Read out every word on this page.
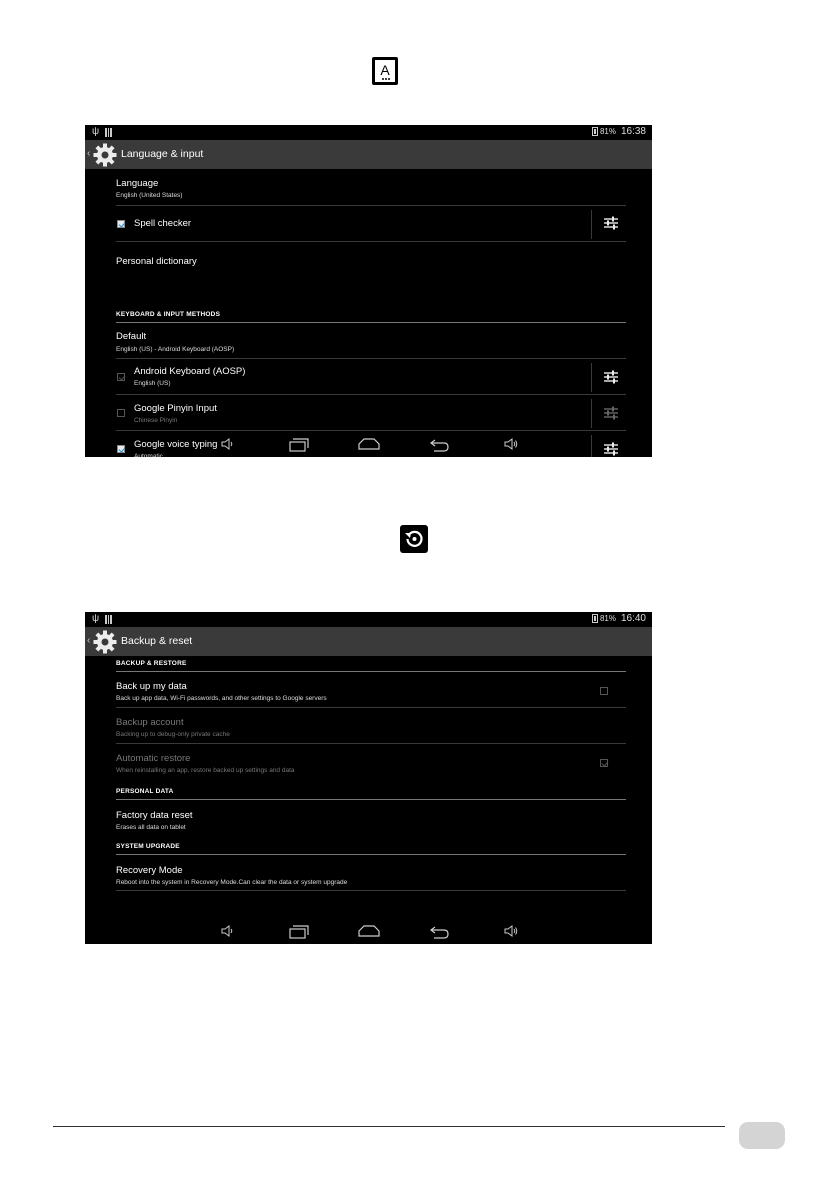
A
ψ	81% 16:38
‹	Language & input
Language
English (United States)
Spell checker
Personal dictionary
KEYBOARD & INPUT METHODS
Default
English (US) - Android Keyboard (AOSP)
Android Keyboard (AOSP)
English (US)
Google Pinyin Input
Chinese Pinyin
Google voice typing
Automatic
ψ	81% 16:40
‹	Backup & reset
BACKUP & RESTORE
Back up my data
Back up app data, Wi-Fi passwords, and other settings to Google servers
Backup account
Backing up to debug-only private cache
Automatic restore
When reinstalling an app, restore backed up settings and data
PERSONAL DATA
Factory data reset
Erases all data on tablet
SYSTEM UPGRADE
Recovery Mode
Reboot into the system in Recovery Mode.Can clear the data or system upgrade
